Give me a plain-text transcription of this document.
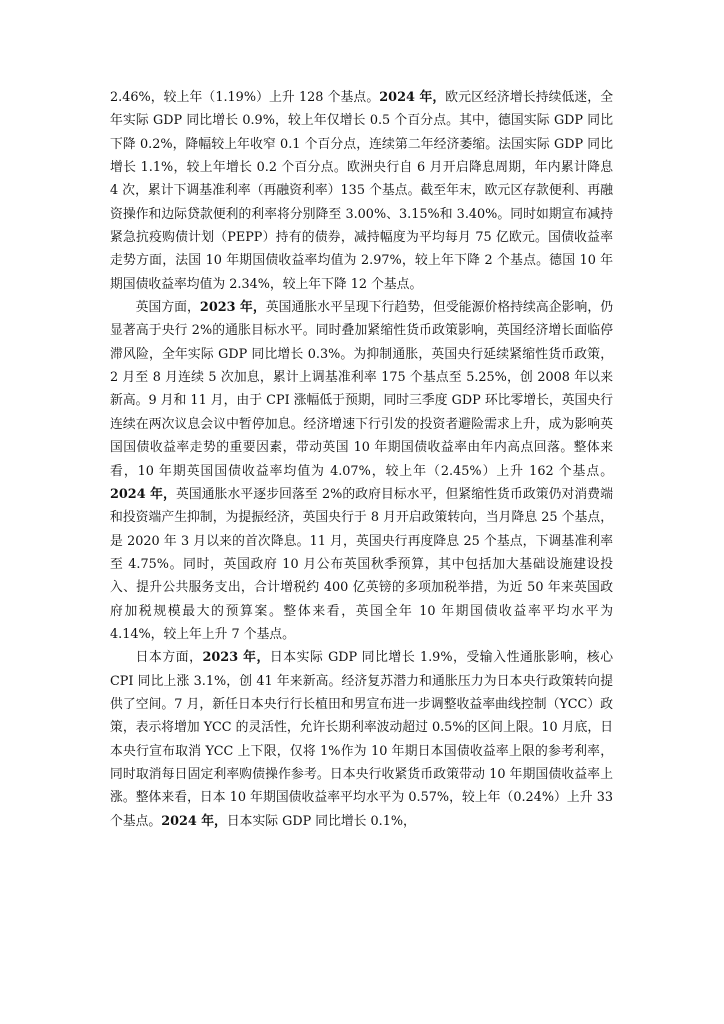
2.46%，较上年（1.19%）上升 128 个基点。2024 年，欧元区经济增长持续低迷，全年实际 GDP 同比增长 0.9%，较上年仅增长 0.5 个百分点。其中，德国实际 GDP 同比下降 0.2%，降幅较上年收窄 0.1 个百分点，连续第二年经济萎缩。法国实际 GDP 同比增长 1.1%，较上年增长 0.2 个百分点。欧洲央行自 6 月开启降息周期，年内累计降息 4 次，累计下调基准利率（再融资利率）135 个基点。截至年末，欧元区存款便利、再融资操作和边际贷款便利的利率将分别降至 3.00%、3.15%和 3.40%。同时如期宣布减持紧急抗疫购债计划（PEPP）持有的债券，减持幅度为平均每月 75 亿欧元。国债收益率走势方面，法国 10 年期国债收益率均值为 2.97%，较上年下降 2 个基点。德国 10 年期国债收益率均值为 2.34%，较上年下降 12 个基点。

英国方面，2023 年，英国通胀水平呈现下行趋势，但受能源价格持续高企影响，仍显著高于央行 2%的通胀目标水平。同时叠加紧缩性货币政策影响，英国经济增长面临停滞风险，全年实际 GDP 同比增长 0.3%。为抑制通胀，英国央行延续紧缩性货币政策，2 月至 8 月连续 5 次加息，累计上调基准利率 175 个基点至 5.25%，创 2008 年以来新高。9 月和 11 月，由于 CPI 涨幅低于预期，同时三季度 GDP 环比零增长，英国央行连续在两次议息会议中暂停加息。经济增速下行引发的投资者避险需求上升，成为影响英国国债收益率走势的重要因素，带动英国 10 年期国债收益率由年内高点回落。整体来看，10 年期英国国债收益率均值为 4.07%，较上年（2.45%）上升 162 个基点。2024 年，英国通胀水平逐步回落至 2%的政府目标水平，但紧缩性货币政策仍对消费端和投资端产生抑制，为提振经济，英国央行于 8 月开启政策转向，当月降息 25 个基点，是 2020 年 3 月以来的首次降息。11 月，英国央行再度降息 25 个基点，下调基准利率至 4.75%。同时，英国政府 10 月公布英国秋季预算，其中包括加大基础设施建设投入、提升公共服务支出，合计增税约 400 亿英镑的多项加税举措，为近 50 年来英国政府加税规模最大的预算案。整体来看，英国全年 10 年期国债收益率平均水平为 4.14%，较上年上升 7 个基点。

日本方面，2023 年，日本实际 GDP 同比增长 1.9%，受输入性通胀影响，核心 CPI 同比上涨 3.1%，创 41 年来新高。经济复苏潜力和通胀压力为日本央行政策转向提供了空间。7 月，新任日本央行行长植田和男宣布进一步调整收益率曲线控制（YCC）政策，表示将增加 YCC 的灵活性，允许长期利率波动超过 0.5%的区间上限。10 月底，日本央行宣布取消 YCC 上下限，仅将 1%作为 10 年期日本国债收益率上限的参考利率，同时取消每日固定利率购债操作参考。日本央行收紧货币政策带动 10 年期国债收益率上涨。整体来看，日本 10 年期国债收益率平均水平为 0.57%，较上年（0.24%）上升 33 个基点。2024 年，日本实际 GDP 同比增长 0.1%，
